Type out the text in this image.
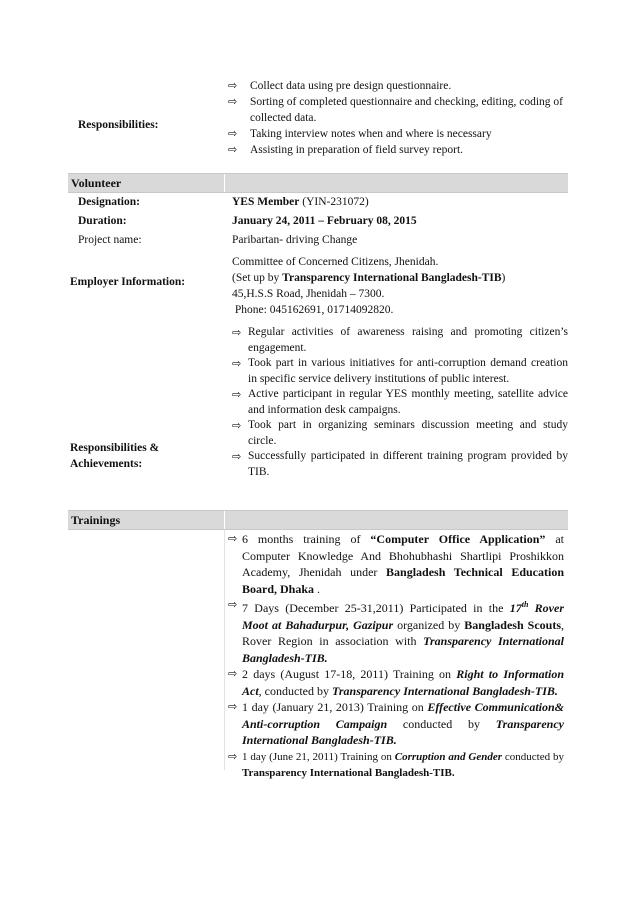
Responsibilities:
⇨ Collect data using pre design questionnaire.
⇨ Sorting of completed questionnaire and checking, editing, coding of collected data.
⇨ Taking interview notes when and where is necessary
⇨ Assisting in preparation of field survey report.
Volunteer
Designation:	YES Member (YIN-231072)
Duration:	January 24, 2011 – February 08, 2015
Project name:	Paribartan- driving Change
Employer Information:
Committee of Concerned Citizens, Jhenidah.
(Set up by Transparency International Bangladesh-TIB)
45,H.S.S Road, Jhenidah – 7300.
Phone: 045162691, 01714092820.
Responsibilities &
Achievements:
⇨ Regular activities of awareness raising and promoting citizen’s engagement.
⇨ Took part in various initiatives for anti-corruption demand creation in specific service delivery institutions of public interest.
⇨ Active participant in regular YES monthly meeting, satellite advice and information desk campaigns.
⇨ Took part in organizing seminars discussion meeting and study circle.
⇨ Successfully participated in different training program provided by TIB.
Trainings
⇨ 6 months training of “Computer Office Application” at Computer Knowledge And Bhohubhashi Shartlipi Proshikkon Academy, Jhenidah under Bangladesh Technical Education Board, Dhaka .
⇨ 7 Days (December 25-31,2011) Participated in the 17th Rover Moot at Bahadurpur, Gazipur organized by Bangladesh Scouts, Rover Region in association with Transparency International Bangladesh-TIB.
⇨ 2 days (August 17-18, 2011) Training on Right to Information Act, conducted by Transparency International Bangladesh-TIB.
⇨ 1 day (January 21, 2013) Training on Effective Communication& Anti-corruption Campaign conducted by Transparency International Bangladesh-TIB.
⇨ 1 day (June 21, 2011) Training on Corruption and Gender conducted by Transparency International Bangladesh-TIB.
